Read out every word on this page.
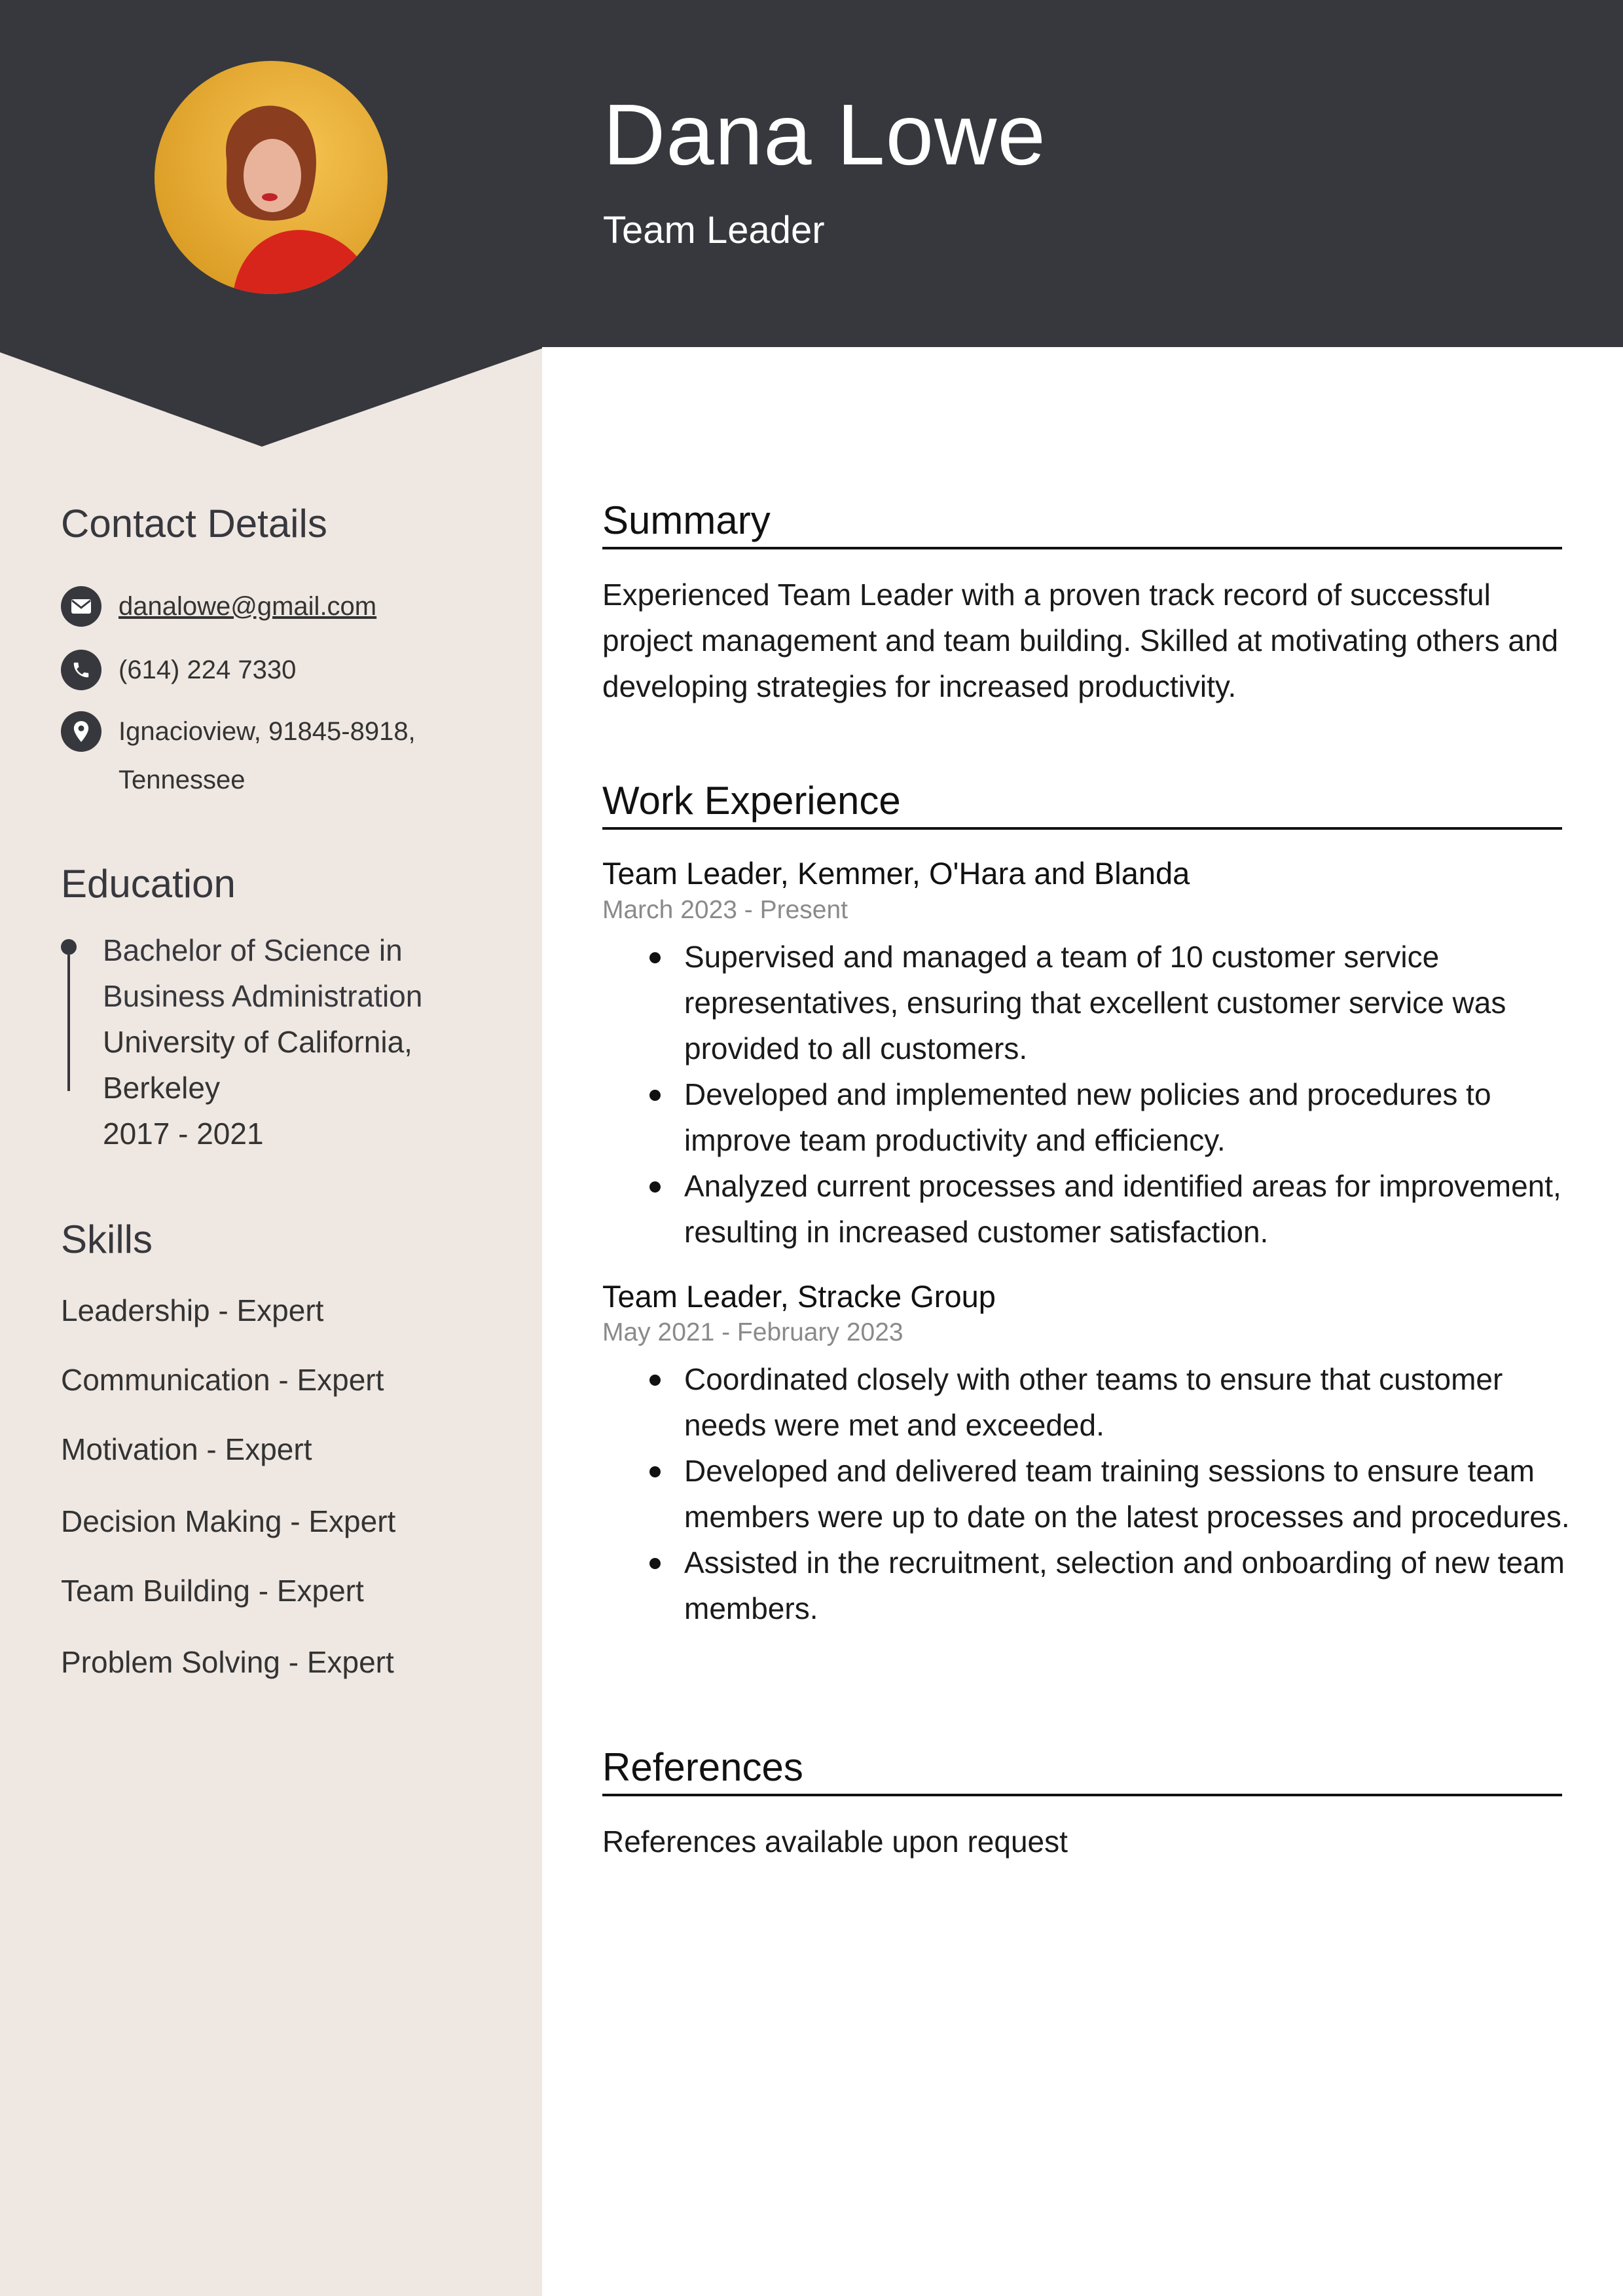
Dana Lowe
Team Leader
Contact Details
danalowe@gmail.com
(614) 224 7330
Ignacioview, 91845-8918,
Tennessee
Education
Bachelor of Science in
Business Administration
University of California,
Berkeley
2017 - 2021
Skills
Leadership - Expert
Communication - Expert
Motivation - Expert
Decision Making - Expert
Team Building - Expert
Problem Solving - Expert
Summary

Experienced Team Leader with a proven track record of successful project management and team building. Skilled at motivating others and developing strategies for increased productivity.

Work Experience
Team Leader, Kemmer, O'Hara and Blanda
March 2023 - Present
Supervised and managed a team of 10 customer service representatives, ensuring that excellent customer service was provided to all customers.
Developed and implemented new policies and procedures to improve team productivity and efficiency.
Analyzed current processes and identified areas for improvement, resulting in increased customer satisfaction.
Team Leader, Stracke Group
May 2021 - February 2023
Coordinated closely with other teams to ensure that customer needs were met and exceeded.
Developed and delivered team training sessions to ensure team members were up to date on the latest processes and procedures.
Assisted in the recruitment, selection and onboarding of new team members.
References

References available upon request
